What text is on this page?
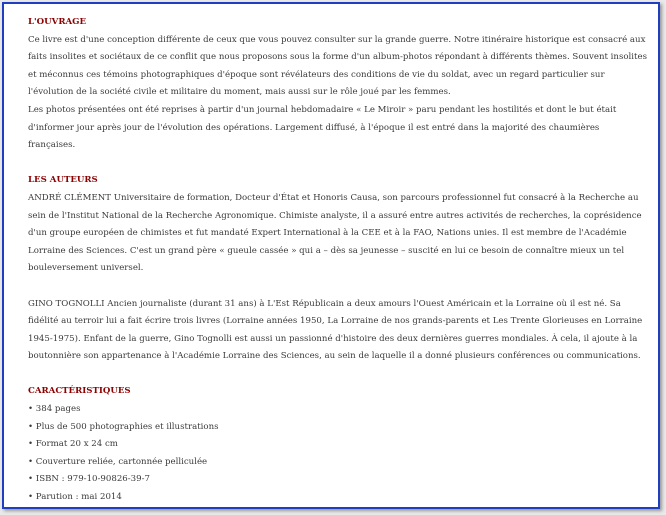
L'OUVRAGE

Ce livre est d'une conception différente de ceux que vous pouvez consulter sur la grande guerre. Notre itinéraire historique est consacré aux faits insolites et sociétaux de ce conflit que nous proposons sous la forme d'un album-photos répondant à différents thèmes. Souvent insolites et méconnus ces témoins photographiques d'époque sont révélateurs des conditions de vie du soldat, avec un regard particulier sur l'évolution de la société civile et militaire du moment, mais aussi sur le rôle joué par les femmes.

Les photos présentées ont été reprises à partir d'un journal hebdomadaire « Le Miroir » paru pendant les hostilités et dont le but était d'informer jour après jour de l'évolution des opérations. Largement diffusé, à l'époque il est entré dans la majorité des chaumières françaises.

LES AUTEURS

ANDRÉ CLÉMENT Universitaire de formation, Docteur d'État et Honoris Causa, son parcours professionnel fut consacré à la Recherche au sein de l'Institut National de la Recherche Agronomique. Chimiste analyste, il a assuré entre autres activités de recherches, la coprésidence d'un groupe européen de chimistes et fut mandaté Expert International à la CEE et à la FAO, Nations unies. Il est membre de l'Académie Lorraine des Sciences. C'est un grand père « gueule cassée » qui a – dès sa jeunesse – suscité en lui ce besoin de connaître mieux un tel bouleversement universel.

GINO TOGNOLLI Ancien journaliste (durant 31 ans) à L'Est Républicain a deux amours l'Ouest Américain et la Lorraine où il est né. Sa fidélité au terroir lui a fait écrire trois livres (Lorraine années 1950, La Lorraine de nos grands-parents et Les Trente Glorieuses en Lorraine 1945-1975). Enfant de la guerre, Gino Tognolli est aussi un passionné d'histoire des deux dernières guerres mondiales. À cela, il ajoute à la boutonnière son appartenance à l'Académie Lorraine des Sciences, au sein de laquelle il a donné plusieurs conférences ou communications.

CARACTÉRISTIQUES
• 384 pages
• Plus de 500 photographies et illustrations
• Format 20 x 24 cm
• Couverture reliée, cartonnée pelliculée
• ISBN : 979-10-90826-39-7
• Parution : mai 2014
